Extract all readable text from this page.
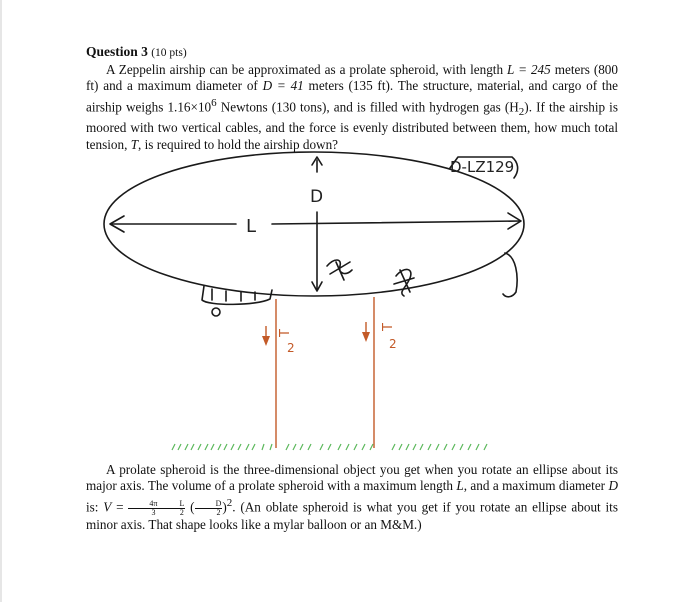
Question 3 (10 pts)
A Zeppelin airship can be approximated as a prolate spheroid, with length L = 245 meters (800 ft) and a maximum diameter of D = 41 meters (135 ft). The structure, material, and cargo of the airship weighs $1.16\times 10^6$ Newtons (130 tons), and is filled with hydrogen gas $(H_2)$. If the airship is moored with two vertical cables, and the force is evenly distributed between them, how much total tension, T, is required to hold the airship down?
D
L
D-LZ129
T
2
T
2
A prolate spheroid is the three-dimensional object you get when you rotate an ellipse about its major axis. The volume of a prolate spheroid with a maximum length L, and a maximum diameter D is: $V = \frac{4\pi}{3} \frac{L}{2}$ ( $\frac{D}{2} )^2$. (An oblate spheroid is what you get if you rotate an ellipse about its minor axis. That shape looks like a mylar balloon or an M&M.)
